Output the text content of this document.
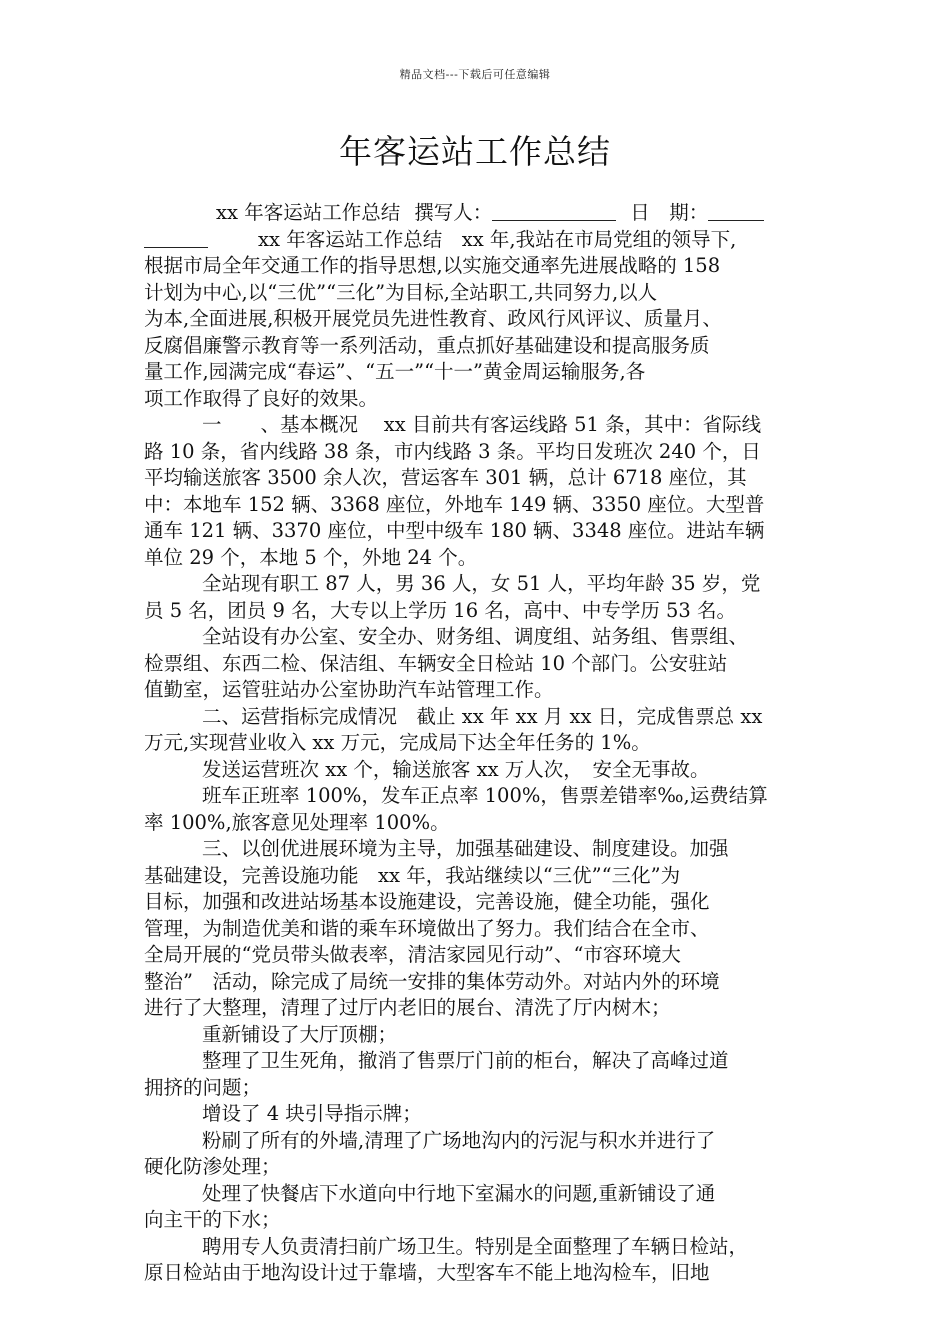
精品文档---下载后可任意编辑
年客运站工作总结
xx 年客运站工作总结 撰写人：	日　期：
xx 年客运站工作总结　xx 年,我站在市局党组的领导下,
根据市局全年交通工作的指导思想,以实施交通率先进展战略的 158
计划为中心,以“三优”“三化”为目标,全站职工,共同努力,以人
为本,全面进展,积极开展党员先进性教育、政风行风评议、质量月、
反腐倡廉警示教育等一系列活动，重点抓好基础建设和提高服务质
量工作,园满完成“春运”、“五一”“十一”黄金周运输服务,各
项工作取得了良好的效果。
一　　、基本概况　 xx 目前共有客运线路 51 条，其中：省际线
路 10 条，省内线路 38 条，市内线路 3 条。平均日发班次 240 个，日
平均输送旅客 3500 余人次，营运客车 301 辆，总计 6718 座位，其
中：本地车 152 辆、3368 座位，外地车 149 辆、3350 座位。大型普
通车 121 辆、3370 座位，中型中级车 180 辆、3348 座位。进站车辆
单位 29 个，本地 5 个，外地 24 个。
全站现有职工 87 人，男 36 人，女 51 人，平均年龄 35 岁，党
员 5 名，团员 9 名，大专以上学历 16 名，高中、中专学历 53 名。
全站设有办公室、安全办、财务组、调度组、站务组、售票组、
检票组、东西二检、保洁组、车辆安全日检站 10 个部门。公安驻站
值勤室，运管驻站办公室协助汽车站管理工作。
二、运营指标完成情况　截止 xx 年 xx 月 xx 日，完成售票总 xx
万元,实现营业收入 xx 万元，完成局下达全年任务的 1%。
发送运营班次 xx 个，输送旅客 xx 万人次，　安全无事故。
班车正班率 100%，发车正点率 100%，售票差错率‰,运费结算
率 100%,旅客意见处理率 100%。
三、以创优进展环境为主导，加强基础建设、制度建设。加强
基础建设，完善设施功能　xx 年，我站继续以“三优”“三化”为
目标，加强和改进站场基本设施建设，完善设施，健全功能，强化
管理，为制造优美和谐的乘车环境做出了努力。我们结合在全市、
全局开展的“党员带头做表率，清洁家园见行动”、“市容环境大
整治”　活动，除完成了局统一安排的集体劳动外。对站内外的环境
进行了大整理，清理了过厅内老旧的展台、清洗了厅内树木；
重新铺设了大厅顶棚；
整理了卫生死角，撤消了售票厅门前的柜台，解决了高峰过道
拥挤的问题；
增设了 4 块引导指示牌；
粉刷了所有的外墙,清理了广场地沟内的污泥与积水并进行了
硬化防渗处理；
处理了快餐店下水道向中行地下室漏水的问题,重新铺设了通
向主干的下水；
聘用专人负责清扫前广场卫生。特别是全面整理了车辆日检站，
原日检站由于地沟设计过于靠墙，大型客车不能上地沟检车，旧地
